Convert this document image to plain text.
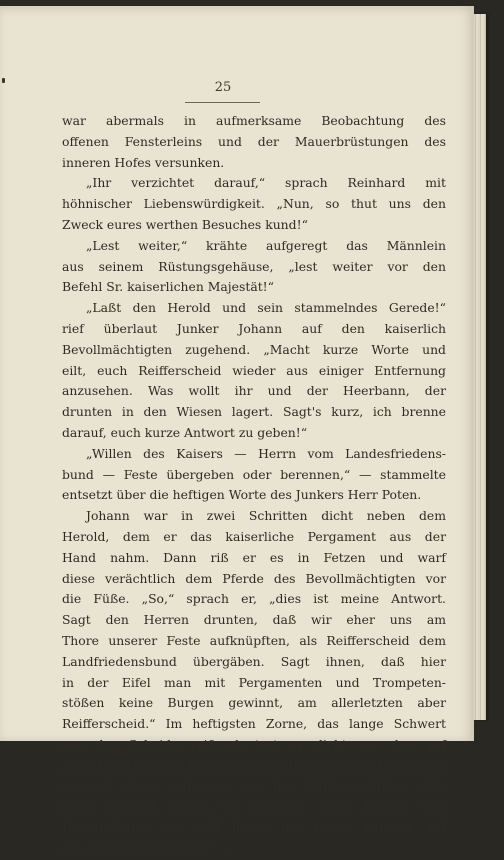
25
war abermals in aufmerksame Beobachtung des
offenen Fensterleins und der Mauerbrüstungen des
inneren Hofes versunken.
„Ihr verzichtet darauf,“ sprach Reinhard mit
höhnischer Liebenswürdigkeit. „Nun, so thut uns den
Zweck eures werthen Besuches kund!“
„Lest weiter,“ krähte aufgeregt das Männlein
aus seinem Rüstungsgehäuse, „lest weiter vor den
Befehl Sr. kaiserlichen Majestät!“
„Laßt den Herold und sein stammelndes Gerede!“
rief überlaut Junker Johann auf den kaiserlich
Bevollmächtigten zugehend. „Macht kurze Worte und
eilt, euch Reifferscheid wieder aus einiger Entfernung
anzusehen. Was wollt ihr und der Heerbann, der
drunten in den Wiesen lagert. Sagt's kurz, ich brenne
darauf, euch kurze Antwort zu geben!“
„Willen des Kaisers — Herrn vom Landesfriedens-
bund — Feste übergeben oder berennen,“ — stammelte
entsetzt über die heftigen Worte des Junkers Herr Poten.
Johann war in zwei Schritten dicht neben dem
Herold, dem er das kaiserliche Pergament aus der
Hand nahm. Dann riß er es in Fetzen und warf
diese verächtlich dem Pferde des Bevollmächtigten vor
die Füße. „So,“ sprach er, „dies ist meine Antwort.
Sagt den Herren drunten, daß wir eher uns am
Thore unserer Feste aufknüpften, als Reifferscheid dem
Landfriedensbund übergäben. Sagt ihnen, daß hier
in der Eifel man mit Pergamenten und Trompeten-
stößen keine Burgen gewinnt, am allerletzten aber
Reifferscheid.“ Im heftigsten Zorne, das lange Schwert
aus der Scheide reißend, trat er dicht vor den auf
zurückweichendem Rosse leichenblaß hockenden Botschafter
zu und schrie, indem er mit der Waffe fuchtelte: „Vor
mein Schwert mögen sie kommen, diese Krämer und
Herrendiener, ich will ihnen die beste Antwort auf
den Schädel schreiben!“ —
